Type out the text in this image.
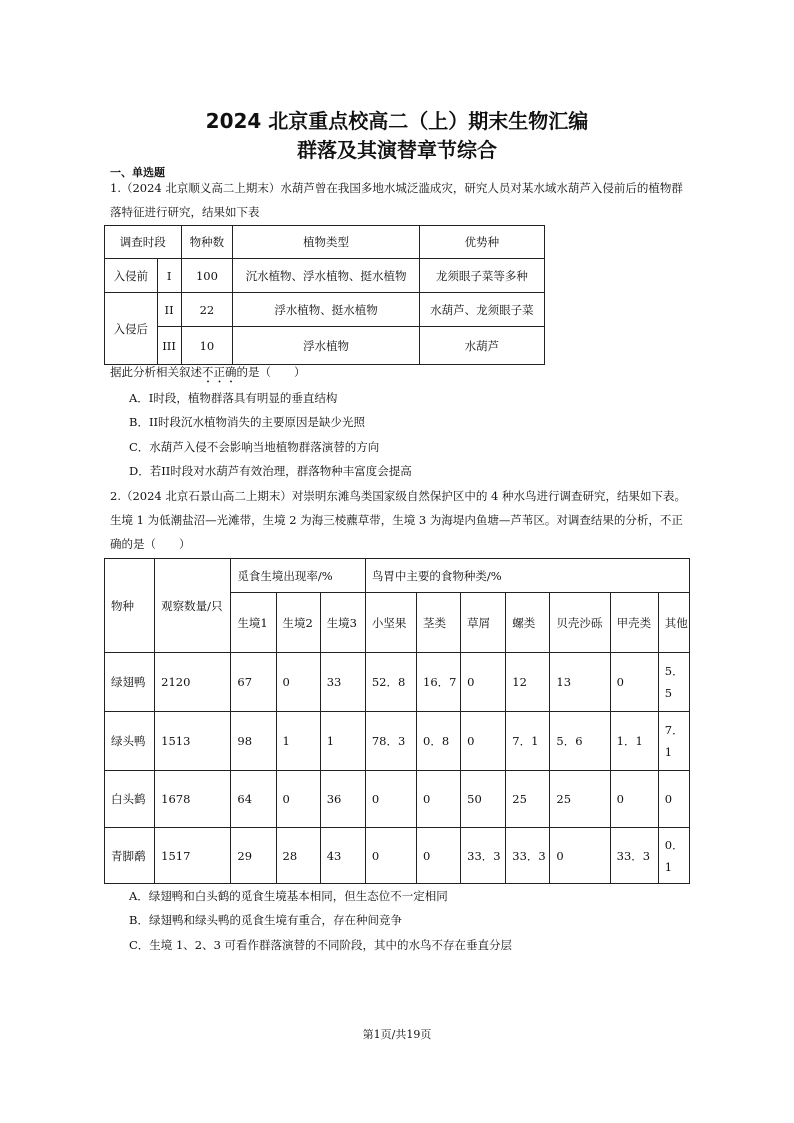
2024 北京重点校高二（上）期末生物汇编
群落及其演替章节综合
一、单选题
1.（2024 北京顺义高二上期末）水葫芦曾在我国多地水城泛滥成灾，研究人员对某水域水葫芦入侵前后的植物群落特征进行研究，结果如下表
调查时段		物种数	植物类型	优势种
入侵前	I	100	沉水植物、浮水植物、挺水植物	龙须眼子菜等多种
入侵后	II	22	浮水植物、挺水植物	水葫芦、龙须眼子菜
	III	10	浮水植物	水葫芦
据此分析相关叙述不正确的是（　　）
A．I时段，植物群落具有明显的垂直结构
B．II时段沉水植物消失的主要原因是缺少光照
C．水葫芦入侵不会影响当地植物群落演替的方向
D．若II时段对水葫芦有效治理，群落物种丰富度会提高
2.（2024 北京石景山高二上期末）对崇明东滩鸟类国家级自然保护区中的 4 种水鸟进行调查研究，结果如下表。生境 1 为低潮盐沼—光滩带，生境 2 为海三棱藨草带，生境 3 为海堤内鱼塘—芦苇区。对调查结果的分析，不正确的是（　　）
物种	观察数量/只	觅食生境出现率/%			鸟胃中主要的食物种类/%						
		生境1	生境2	生境3	小坚果	茎类	草屑	螺类	贝壳沙砾	甲壳类	其他
绿翅鸭	2120	67	0	33	52．8	16．7	0	12	13	0	5．5
绿头鸭	1513	98	1	1	78．3	0．8	0	7．1	5．6	1．1	7．1
白头鹤	1678	64	0	36	0	0	50	25	25	0	0
青脚鹬	1517	29	28	43	0	0	33．3	33．3	0	33．3	0．1
A．绿翅鸭和白头鹤的觅食生境基本相同，但生态位不一定相同
B．绿翅鸭和绿头鸭的觅食生境有重合，存在种间竞争
C．生境 1、2、3 可看作群落演替的不同阶段，其中的水鸟不存在垂直分层
第1页/共19页
